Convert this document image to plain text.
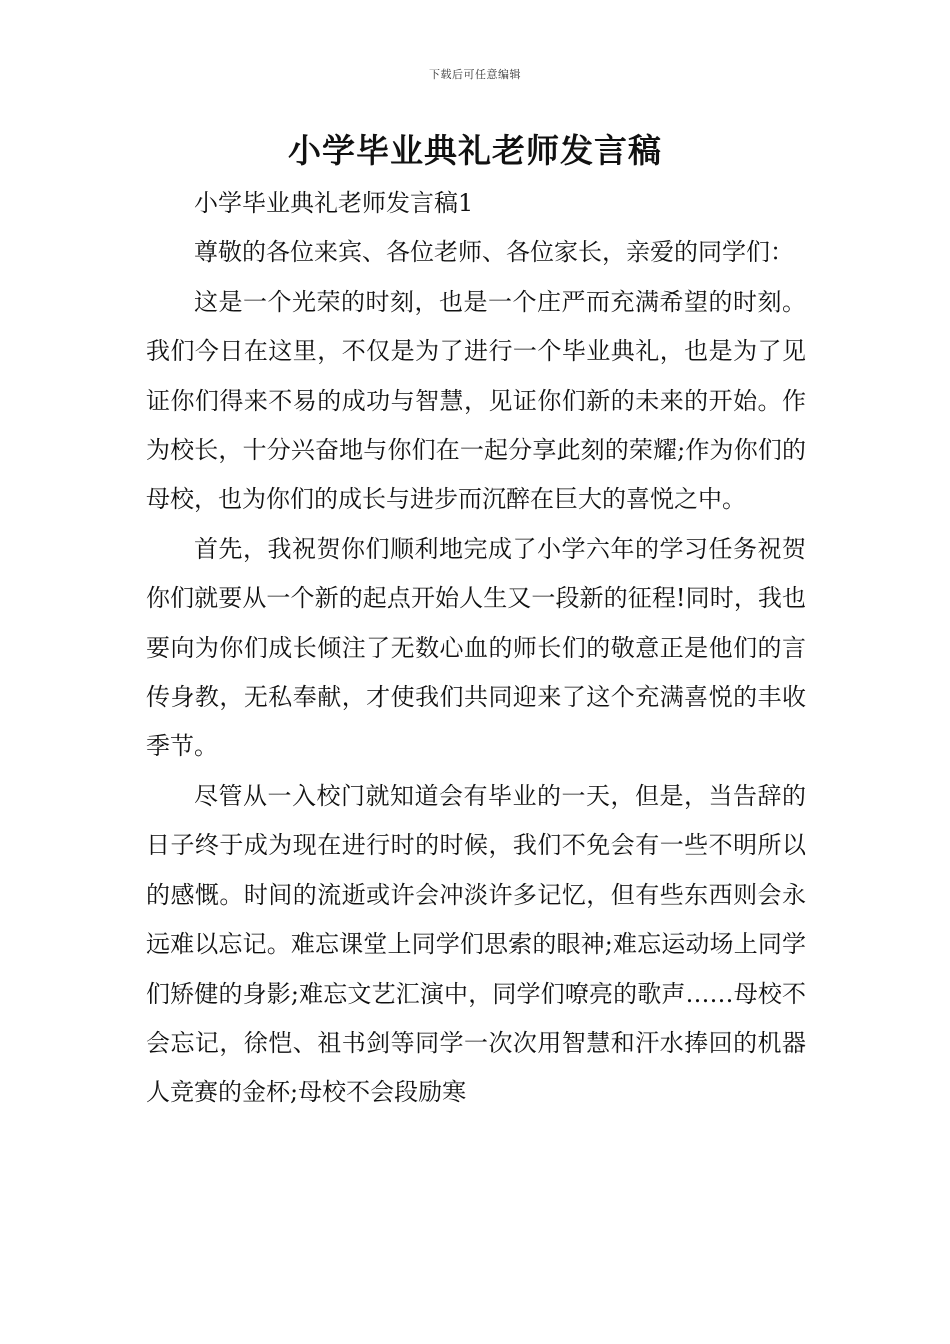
下载后可任意编辑
小学毕业典礼老师发言稿

小学毕业典礼老师发言稿1

尊敬的各位来宾、各位老师、各位家长，亲爱的同学们：

这是一个光荣的时刻，也是一个庄严而充满希望的时刻。我们今日在这里，不仅是为了进行一个毕业典礼，也是为了见证你们得来不易的成功与智慧，见证你们新的未来的开始。作为校长，十分兴奋地与你们在一起分享此刻的荣耀;作为你们的母校，也为你们的成长与进步而沉醉在巨大的喜悦之中。

首先，我祝贺你们顺利地完成了小学六年的学习任务祝贺你们就要从一个新的起点开始人生又一段新的征程!同时，我也要向为你们成长倾注了无数心血的师长们的敬意正是他们的言传身教，无私奉献，才使我们共同迎来了这个充满喜悦的丰收季节。

尽管从一入校门就知道会有毕业的一天，但是，当告辞的日子终于成为现在进行时的时候，我们不免会有一些不明所以的感慨。时间的流逝或许会冲淡许多记忆，但有些东西则会永远难以忘记。难忘课堂上同学们思索的眼神;难忘运动场上同学们矫健的身影;难忘文艺汇演中，同学们嘹亮的歌声……母校不会忘记，徐恺、祖书剑等同学一次次用智慧和汗水捧回的机器人竞赛的金杯;母校不会段励寒
